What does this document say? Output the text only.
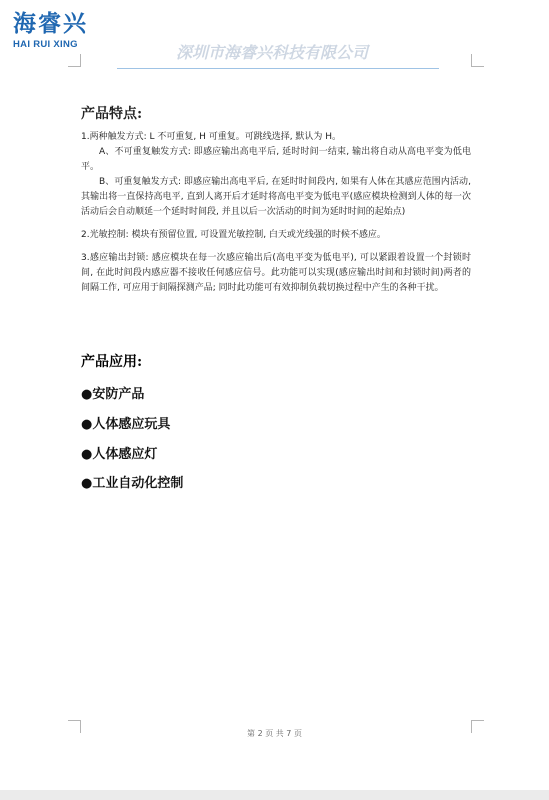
海睿兴
HAI RUI XING	深圳市海睿兴科技有限公司
产品特点:

1.两种触发方式: L 不可重复, H 可重复。可跳线选择, 默认为 H。

A、不可重复触发方式: 即感应输出高电平后, 延时时间一结束, 输出将自动从高电平变为低电平。

B、可重复触发方式: 即感应输出高电平后, 在延时时间段内, 如果有人体在其感应范围内活动, 其输出将一直保持高电平, 直到人离开后才延时将高电平变为低电平(感应模块检测到人体的每一次活动后会自动顺延一个延时时间段, 并且以后一次活动的时间为延时时间的起始点)

2.光敏控制: 模块有预留位置, 可设置光敏控制, 白天或光线强的时候不感应。

3.感应输出封锁: 感应模块在每一次感应输出后(高电平变为低电平), 可以紧跟着设置一个封锁时间, 在此时间段内感应器不接收任何感应信号。此功能可以实现(感应输出时间和封锁时间)两者的间隔工作, 可应用于间隔探测产品; 同时此功能可有效抑制负载切换过程中产生的各种干扰。

产品应用:
●安防产品
●人体感应玩具
●人体感应灯
●工业自动化控制
第 2 页 共 7 页
